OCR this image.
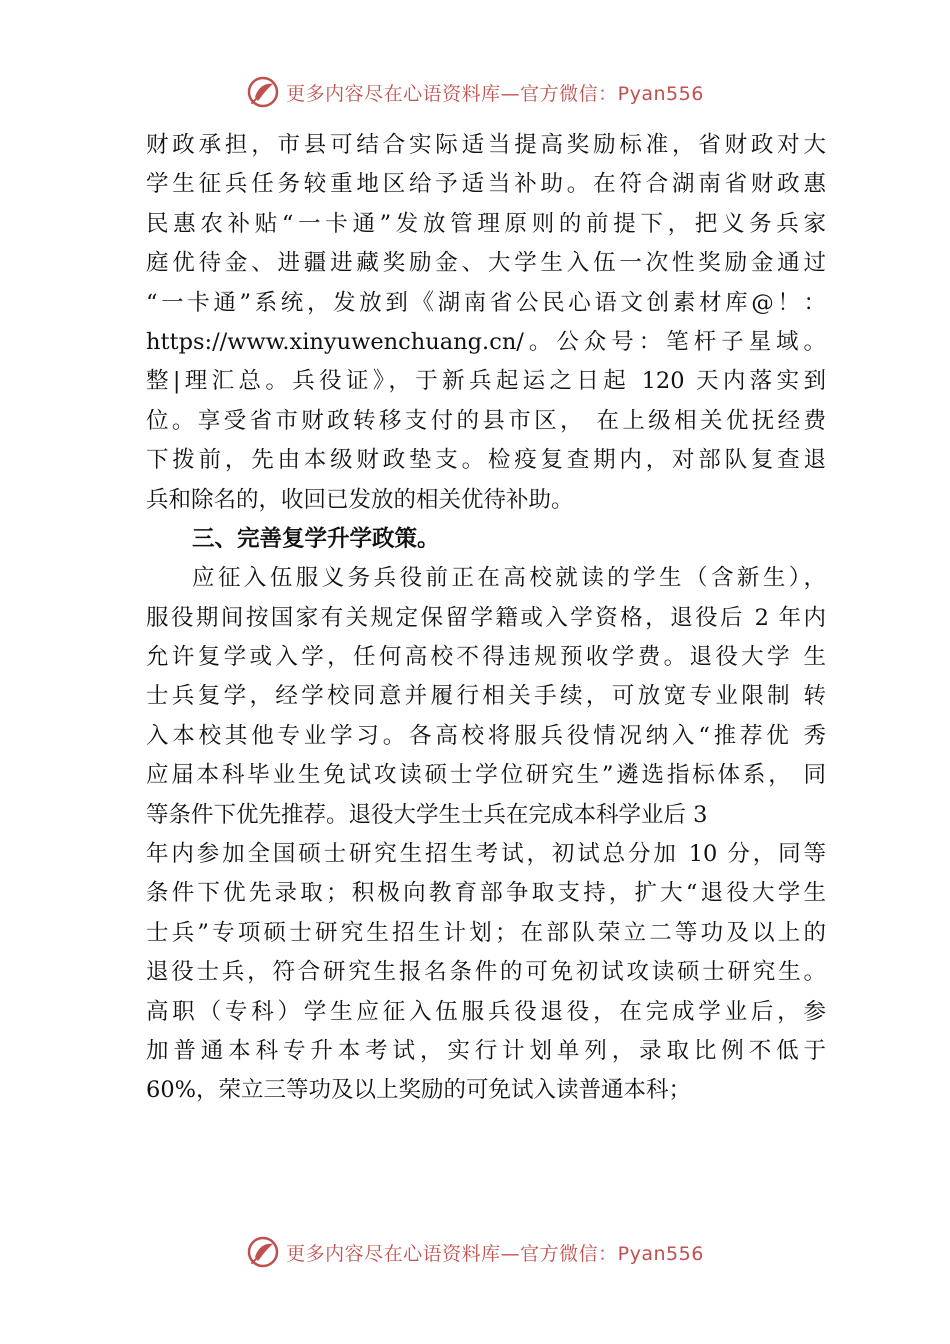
更多内容尽在心语资料库—官方微信：Pyan556
财政承担，市县可结合实际适当提高奖励标准，省财政对大
学生征兵任务较重地区给予适当补助。在符合湖南省财政惠
民惠农补贴“一卡通”发放管理原则的前提下，把义务兵家
庭优待金、进疆进藏奖励金、大学生入伍一次性奖励金通过
“一卡通”系统，发放到《湖南省公民心语文创素材库@！：
https://www.xinyuwenchuang.cn/。公众号：笔杆子星域。
整|理汇总。兵役证》，于新兵起运之日起 120 天内落实到
位。享受省市财政转移支付的县市区， 在上级相关优抚经费
下拨前，先由本级财政垫支。检疫复查期内，对部队复查退
兵和除名的，收回已发放的相关优待补助。
三、完善复学升学政策。
应征入伍服义务兵役前正在高校就读的学生（含新生），
服役期间按国家有关规定保留学籍或入学资格，退役后 2 年内
允许复学或入学，任何高校不得违规预收学费。退役大学 生
士兵复学，经学校同意并履行相关手续，可放宽专业限制 转
入本校其他专业学习。各高校将服兵役情况纳入“推荐优 秀
应届本科毕业生免试攻读硕士学位研究生”遴选指标体系， 同
等条件下优先推荐。退役大学生士兵在完成本科学业后 3
年内参加全国硕士研究生招生考试，初试总分加 10 分，同等
条件下优先录取；积极向教育部争取支持，扩大“退役大学生
士兵”专项硕士研究生招生计划；在部队荣立二等功及以上的
退役士兵，符合研究生报名条件的可免初试攻读硕士研究生。
高职（专科）学生应征入伍服兵役退役，在完成学业后，参
加普通本科专升本考试，实行计划单列，录取比例不低于
60%，荣立三等功及以上奖励的可免试入读普通本科；
更多内容尽在心语资料库—官方微信：Pyan556
